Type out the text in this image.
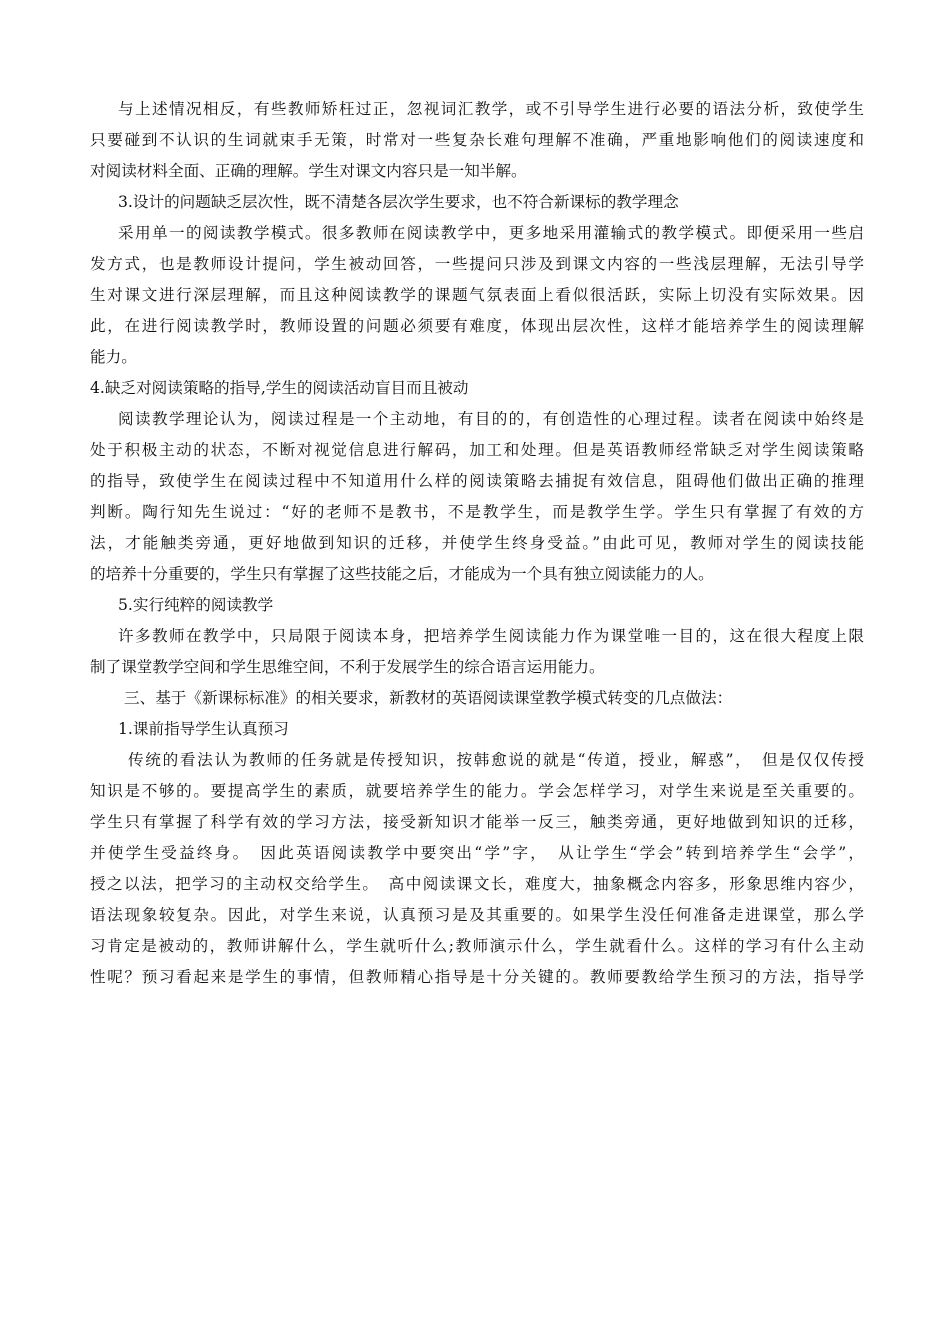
与上述情况相反，有些教师矫枉过正，忽视词汇教学，或不引导学生进行必要的语法分析，致使学生
只要碰到不认识的生词就束手无策，时常对一些复杂长难句理解不准确，严重地影响他们的阅读速度和
对阅读材料全面、正确的理解。学生对课文内容只是一知半解。
3.设计的问题缺乏层次性，既不清楚各层次学生要求，也不符合新课标的教学理念
采用单一的阅读教学模式。很多教师在阅读教学中，更多地采用灌输式的教学模式。即便采用一些启
发方式，也是教师设计提问，学生被动回答，一些提问只涉及到课文内容的一些浅层理解，无法引导学
生对课文进行深层理解，而且这种阅读教学的课题气氛表面上看似很活跃，实际上切没有实际效果。因
此，在进行阅读教学时，教师设置的问题必须要有难度，体现出层次性，这样才能培养学生的阅读理解
能力。
4.缺乏对阅读策略的指导,学生的阅读活动盲目而且被动
阅读教学理论认为，阅读过程是一个主动地，有目的的，有创造性的心理过程。读者在阅读中始终是
处于积极主动的状态，不断对视觉信息进行解码，加工和处理。但是英语教师经常缺乏对学生阅读策略
的指导，致使学生在阅读过程中不知道用什么样的阅读策略去捕捉有效信息，阻碍他们做出正确的推理
判断。陶行知先生说过：“好的老师不是教书，不是教学生，而是教学生学。学生只有掌握了有效的方
法，才能触类旁通，更好地做到知识的迁移，并使学生终身受益。”由此可见，教师对学生的阅读技能
的培养十分重要的，学生只有掌握了这些技能之后，才能成为一个具有独立阅读能力的人。
5.实行纯粹的阅读教学
许多教师在教学中，只局限于阅读本身，把培养学生阅读能力作为课堂唯一目的，这在很大程度上限
制了课堂教学空间和学生思维空间，不利于发展学生的综合语言运用能力。
三、基于《新课标标准》的相关要求，新教材的英语阅读课堂教学模式转变的几点做法：
1.课前指导学生认真预习
传统的看法认为教师的任务就是传授知识，按韩愈说的就是“传道，授业，解惑”，　但是仅仅传授
知识是不够的。要提高学生的素质，就要培养学生的能力。学会怎样学习，对学生来说是至关重要的。
学生只有掌握了科学有效的学习方法，接受新知识才能举一反三，触类旁通，更好地做到知识的迁移，
并使学生受益终身。　因此英语阅读教学中要突出“学”字，　从让学生“学会”转到培养学生“会学”，
授之以法，把学习的主动权交给学生。　高中阅读课文长，难度大，抽象概念内容多，形象思维内容少，
语法现象较复杂。因此，对学生来说，认真预习是及其重要的。如果学生没任何准备走进课堂，那么学
习肯定是被动的，教师讲解什么，学生就听什么;教师演示什么，学生就看什么。这样的学习有什么主动
性呢？预习看起来是学生的事情，但教师精心指导是十分关键的。教师要教给学生预习的方法，指导学
